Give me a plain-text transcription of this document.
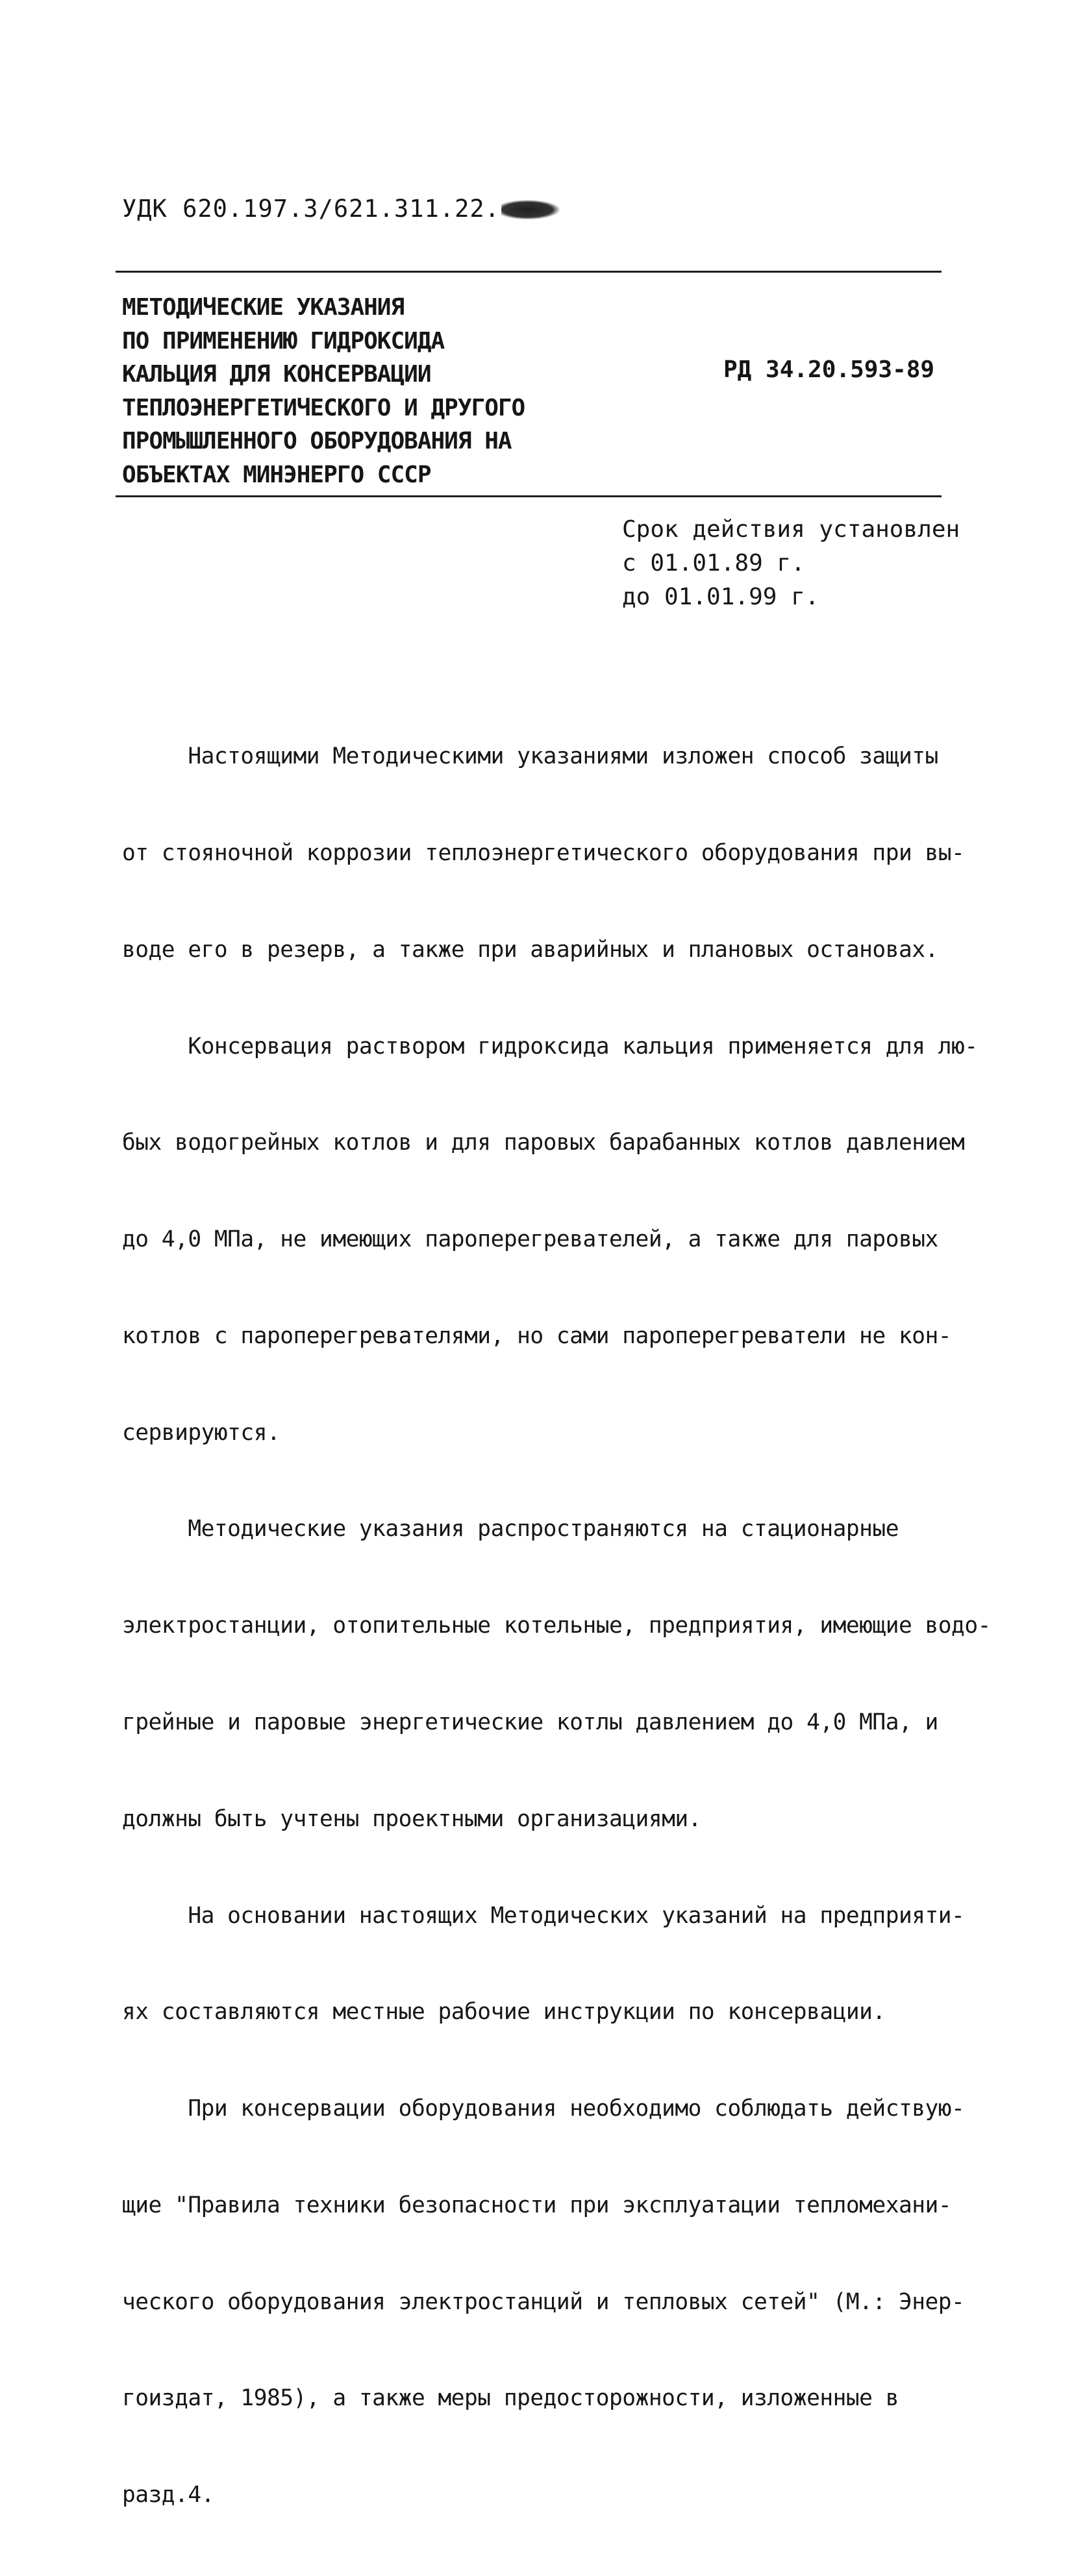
УДК 620.197.3/621.311.22.
МЕТОДИЧЕСКИЕ УКАЗАНИЯ
ПО ПРИМЕНЕНИЮ ГИДРОКСИДА
КАЛЬЦИЯ ДЛЯ КОНСЕРВАЦИИ
ТЕПЛОЭНЕРГЕТИЧЕСКОГО И ДРУГОГО
ПРОМЫШЛЕННОГО ОБОРУДОВАНИЯ НА
ОБЪЕКТАХ МИНЭНЕРГО СССР
РД 34.20.593-89
Срок действия установлен
с 01.01.89 г.
до 01.01.99 г.

Настоящими Методическими указаниями изложен способ защиты

от стояночной коррозии теплоэнергетического оборудования при вы-

воде его в резерв, а также при аварийных и плановых остановах.

Консервация раствором гидроксида кальция применяется для лю-

бых водогрейных котлов и для паровых барабанных котлов давлением

до 4,0 МПа, не имеющих пароперегревателей, а также для паровых

котлов с пароперегревателями, но сами пароперегреватели не кон-

сервируются.

Методические указания распространяются на стационарные

электростанции, отопительные котельные, предприятия, имеющие водо-

грейные и паровые энергетические котлы давлением до 4,0 МПа, и

должны быть учтены проектными организациями.

На основании настоящих Методических указаний на предприяти-

ях составляются местные рабочие инструкции по консервации.

При консервации оборудования необходимо соблюдать действую-

щие "Правила техники безопасности при эксплуатации тепломехани-

ческого оборудования электростанций и тепловых сетей" (М.: Энер-

гоиздат, 1985), а также меры предосторожности, изложенные в

разд.4.
